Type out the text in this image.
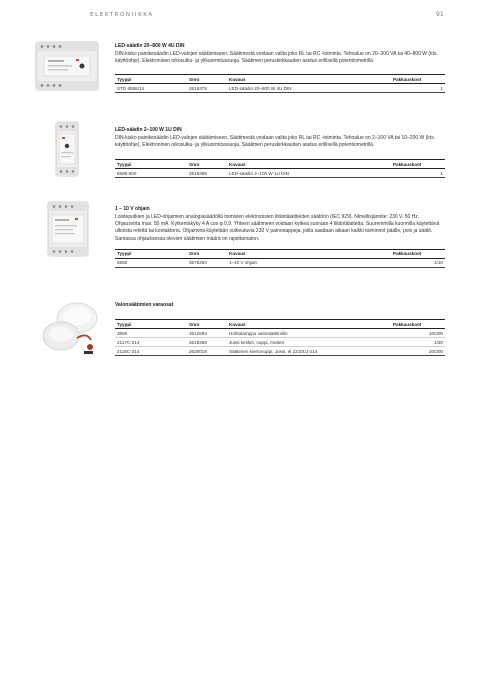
ELEKTRONIIKKA	91

LED-säädin 20–800 W 4U DIN

DIN-kisko painikesäädin LED-valojen säätämiseen. Säätimestä voidaan valita joko RL tai RC -toiminta. Tehoalue on 20–300 VA tai 40–800 W (kts. käyttöohje). Elektroninen oikosulku- ja ylikuormitussuoja. Säätimen peruskirkkauden asetus erillisellä potentiometrillä.

Tyyppi	Snro	Kuvaus	Pakkauskoot
STD 6586/14	2619378	LED-säädin 20–800 W 4U DIN	1

LED-säädin 2–100 W 1U DIN

DIN-kisko painikesäädin LED-valojen säätämiseen. Säätimestä voidaan valita joko RL tai RC -toiminta. Tehoalue on 2–100 VA tai 10–200 W (kts. käyttöohje). Elektroninen oikosulku- ja ylikuormitussuoja. Säätimen peruskirkkauden asetus erillisellä potentiometrillä.

Tyyppi	Snro	Kuvaus	Pakkauskoot
6586-500	2619399	LED-säädin 2–100 W 1U DIN	1

1 – 10 V ohjain

Loisteputkien ja LED-ohjaimien analogiasäädöllä toimivien elektronisten liitäntälaitteiden säätöön (IEC 929). Nimellisjännite: 230 V, 50 Hz. Ohjausvirta max. 50 mA. Kytkentäkyky 4 A cos φ 0,9. Yhteen säätimeen voidaan kytkeä suoraan 4 liitäntälaitetta. Suuremmilla kuormilla käytettävä ulkoista relettä tai kontaktoria. Ohjaimina käytetään sulkeutuvia 230 V painonappeja, joilla saadaan aikaan kaikki toiminnot päälle, pois ja säätö. Samassa ohjauksessa olevien säätimien määrä on rajoittamaton.

Tyyppi	Snro	Kuvaus	Pakkauskoot
6550	3575294	1–10 V ohjain	1/10

Valonsäätimien varaosat

Tyyppi	Snro	Kuvaus	Pakkauskoot
3855	3512692	Hohtolamppu valonsäätimille	10/200
2117C-214	2619368	Jussi keskiö, nuppi, mutteri	1/20
2115C-214	2620019	Säätimen kiertonuppi, Jussi, el 2210UJ-214	20/200
